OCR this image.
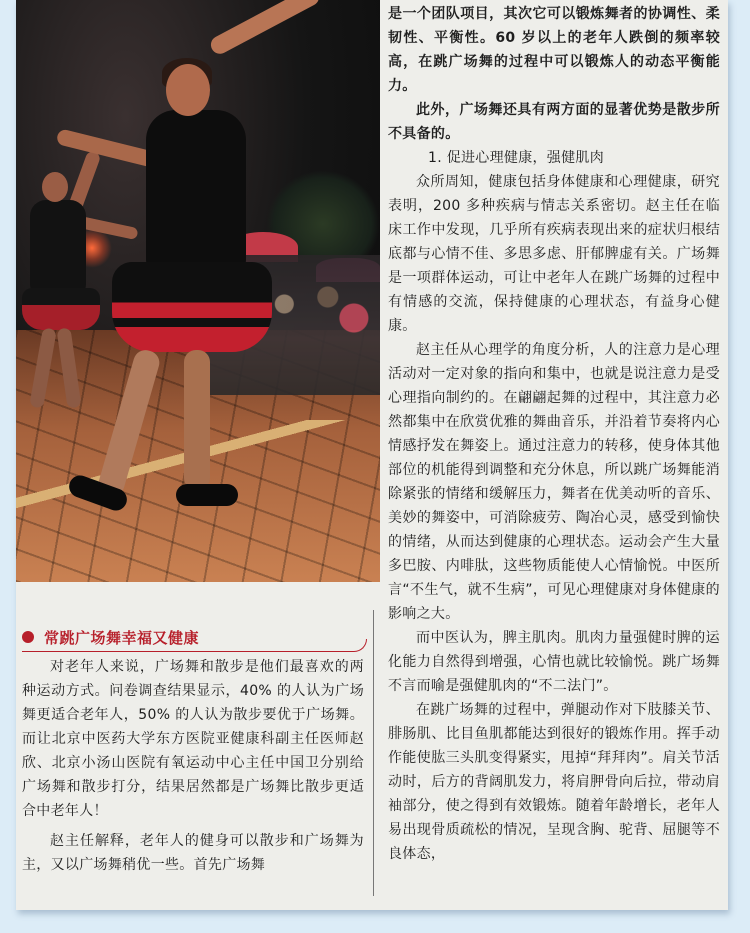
是一个团队项目，其次它可以锻炼舞者的协调性、柔韧性、平衡性。60 岁以上的老年人跌倒的频率较高，在跳广场舞的过程中可以锻炼人的动态平衡能力。

此外，广场舞还具有两方面的显著优势是散步所不具备的。

1. 促进心理健康，强健肌肉

众所周知，健康包括身体健康和心理健康，研究表明，200 多种疾病与情志关系密切。赵主任在临床工作中发现，几乎所有疾病表现出来的症状归根结底都与心情不佳、多思多虑、肝郁脾虚有关。广场舞是一项群体运动，可让中老年人在跳广场舞的过程中有情感的交流，保持健康的心理状态，有益身心健康。

赵主任从心理学的角度分析，人的注意力是心理活动对一定对象的指向和集中，也就是说注意力是受心理指向制约的。在翩翩起舞的过程中，其注意力必然都集中在欣赏优雅的舞曲音乐，并沿着节奏将内心情感抒发在舞姿上。通过注意力的转移，使身体其他部位的机能得到调整和充分休息，所以跳广场舞能消除紧张的情绪和缓解压力，舞者在优美动听的音乐、美妙的舞姿中，可消除疲劳、陶冶心灵，感受到愉快的情绪，从而达到健康的心理状态。运动会产生大量多巴胺、内啡肽，这些物质能使人心情愉悦。中医所言“不生气，就不生病”，可见心理健康对身体健康的影响之大。

而中医认为，脾主肌肉。肌肉力量强健时脾的运化能力自然得到增强，心情也就比较愉悦。跳广场舞不言而喻是强健肌肉的“不二法门”。

在跳广场舞的过程中，弹腿动作对下肢膝关节、腓肠肌、比目鱼肌都能达到很好的锻炼作用。挥手动作能使肱三头肌变得紧实，甩掉“拜拜肉”。肩关节活动时，后方的背阔肌发力，将肩胛骨向后拉，带动肩袖部分，使之得到有效锻炼。随着年龄增长，老年人易出现骨质疏松的情况，呈现含胸、驼背、屈腿等不良体态，

常跳广场舞幸福又健康

对老年人来说，广场舞和散步是他们最喜欢的两种运动方式。问卷调查结果显示，40% 的人认为广场舞更适合老年人，50% 的人认为散步要优于广场舞。而让北京中医药大学东方医院亚健康科副主任医师赵欣、北京小汤山医院有氧运动中心主任中国卫分别给广场舞和散步打分，结果居然都是广场舞比散步更适合中老年人！

赵主任解释，老年人的健身可以散步和广场舞为主，又以广场舞稍优一些。首先广场舞
